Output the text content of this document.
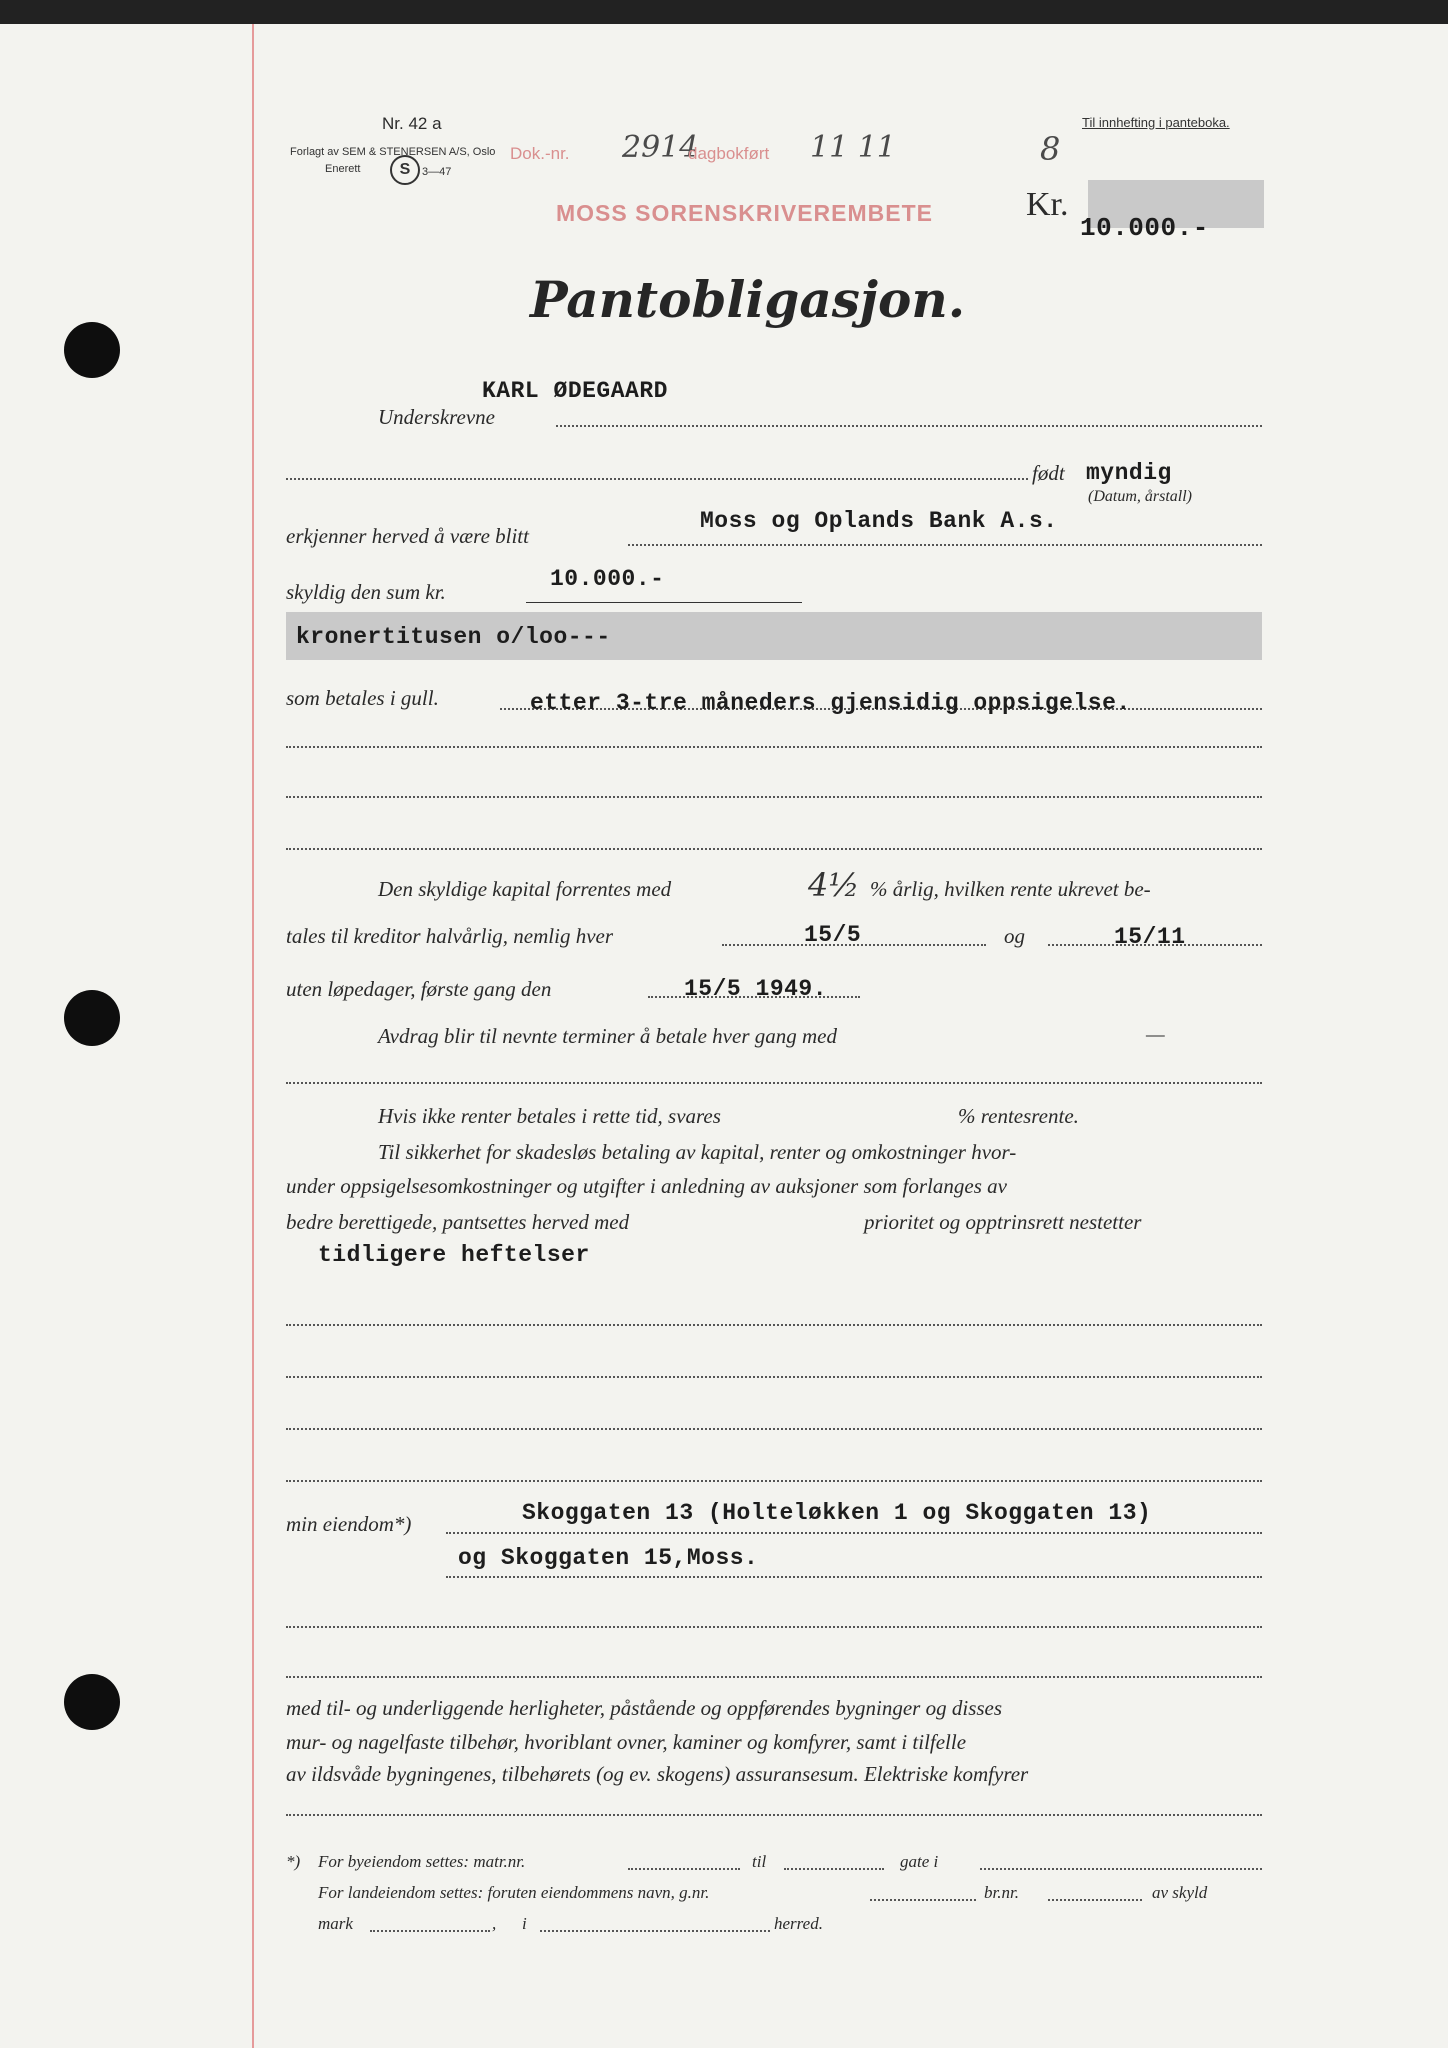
Nr. 42 a
Forlagt av SEM & STENERSEN A/S, Oslo
Enerett	S	3—47
Til innhefting i panteboka.
Dok.-nr. 2914
dagbokført 11 11	8
MOSS SORENSKRIVEREMBETE	Kr.
10.000.-
Pantobligasjon.
KARL ØDEGAARD
Underskrevne
født myndig
(Datum, årstall)
erkjenner herved å være blitt
Moss og Oplands Bank A.s.
skyldig den sum kr.	10.000.-
kronertitusen o/loo---
som betales i gull.	etter 3-tre måneders gjensidig oppsigelse.
Den skyldige kapital forrentes med	4½ % årlig, hvilken rente ukrevet be-
tales til kreditor halvårlig, nemlig hver	15/5	og	15/11
uten løpedager, første gang den	15/5 1949.
Avdrag blir til nevnte terminer å betale hver gang med	—
Hvis ikke renter betales i rette tid, svares	% rentesrente.
Til sikkerhet for skadesløs betaling av kapital, renter og omkostninger hvor-
under oppsigelsesomkostninger og utgifter i anledning av auksjoner som forlanges av
bedre berettigede, pantsettes herved med	prioritet og opptrinsrett nestetter
tidligere heftelser
min eiendom*)	Skoggaten 13 (Holteløkken 1 og Skoggaten 13)
og Skoggaten 15,Moss.
med til- og underliggende herligheter, påstående og oppførendes bygninger og disses
mur- og nagelfaste tilbehør, hvoriblant ovner, kaminer og komfyrer, samt i tilfelle
av ildsvåde bygningenes, tilbehørets (og ev. skogens) assuransesum. Elektriske komfyrer
*) For byeiendom settes: matr.nr.	til	gate i
For landeiendom settes: foruten eiendommens navn, g.nr.	br.nr.	av skyld
mark	, i	herred.
